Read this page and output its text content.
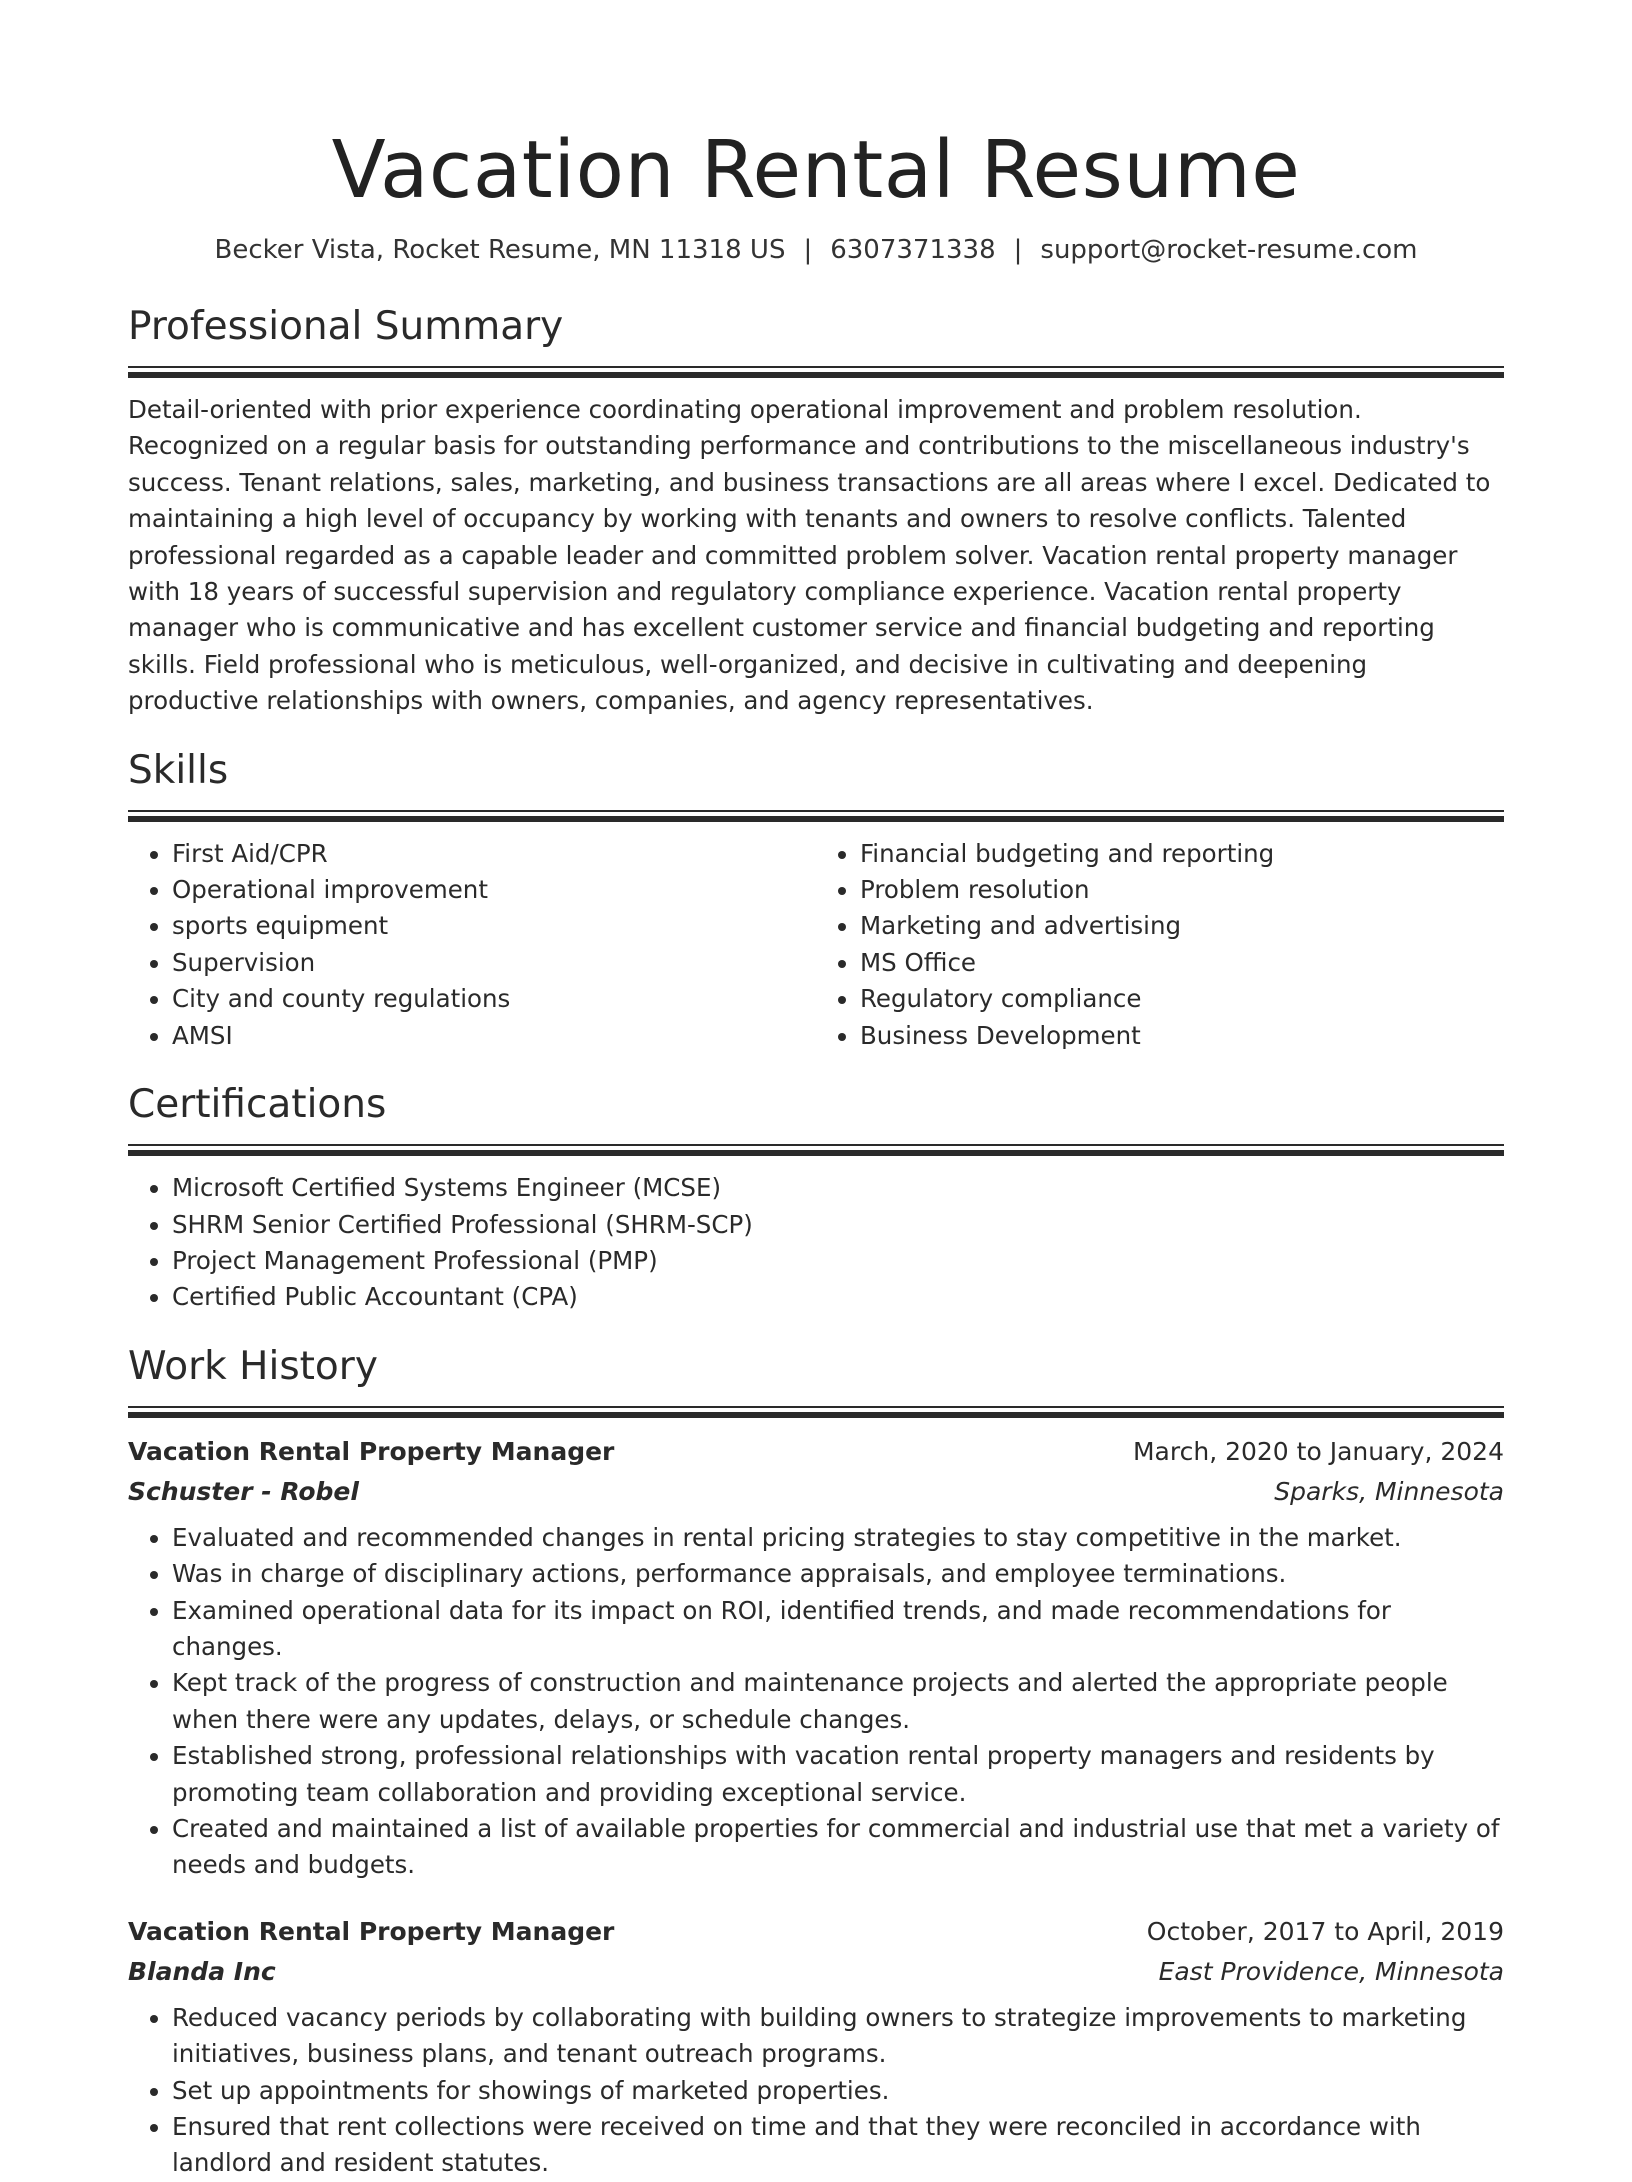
Vacation Rental Resume
Becker Vista, Rocket Resume, MN 11318 US | 6307371338 | support@rocket-resume.com
Professional Summary

Detail-oriented with prior experience coordinating operational improvement and problem resolution. Recognized on a regular basis for outstanding performance and contributions to the miscellaneous industry's success. Tenant relations, sales, marketing, and business transactions are all areas where I excel. Dedicated to maintaining a high level of occupancy by working with tenants and owners to resolve conflicts. Talented professional regarded as a capable leader and committed problem solver. Vacation rental property manager with 18 years of successful supervision and regulatory compliance experience. Vacation rental property manager who is communicative and has excellent customer service and financial budgeting and reporting skills. Field professional who is meticulous, well-organized, and decisive in cultivating and deepening productive relationships with owners, companies, and agency representatives.

Skills
• First Aid/CPR
• Operational improvement
• sports equipment
• Supervision
• City and county regulations
• AMSI
• Financial budgeting and reporting
• Problem resolution
• Marketing and advertising
• MS Office
• Regulatory compliance
• Business Development
Certifications
• Microsoft Certified Systems Engineer (MCSE)
• SHRM Senior Certified Professional (SHRM-SCP)
• Project Management Professional (PMP)
• Certified Public Accountant (CPA)
Work History
Vacation Rental Property Manager	March, 2020 to January, 2024
Schuster - Robel	Sparks, Minnesota
• Evaluated and recommended changes in rental pricing strategies to stay competitive in the market.
• Was in charge of disciplinary actions, performance appraisals, and employee terminations.
• Examined operational data for its impact on ROI, identified trends, and made recommendations for changes.
• Kept track of the progress of construction and maintenance projects and alerted the appropriate people when there were any updates, delays, or schedule changes.
• Established strong, professional relationships with vacation rental property managers and residents by promoting team collaboration and providing exceptional service.
• Created and maintained a list of available properties for commercial and industrial use that met a variety of needs and budgets.
Vacation Rental Property Manager	October, 2017 to April, 2019
Blanda Inc	East Providence, Minnesota
• Reduced vacancy periods by collaborating with building owners to strategize improvements to marketing initiatives, business plans, and tenant outreach programs.
• Set up appointments for showings of marketed properties.
• Ensured that rent collections were received on time and that they were reconciled in accordance with landlord and resident statutes.
